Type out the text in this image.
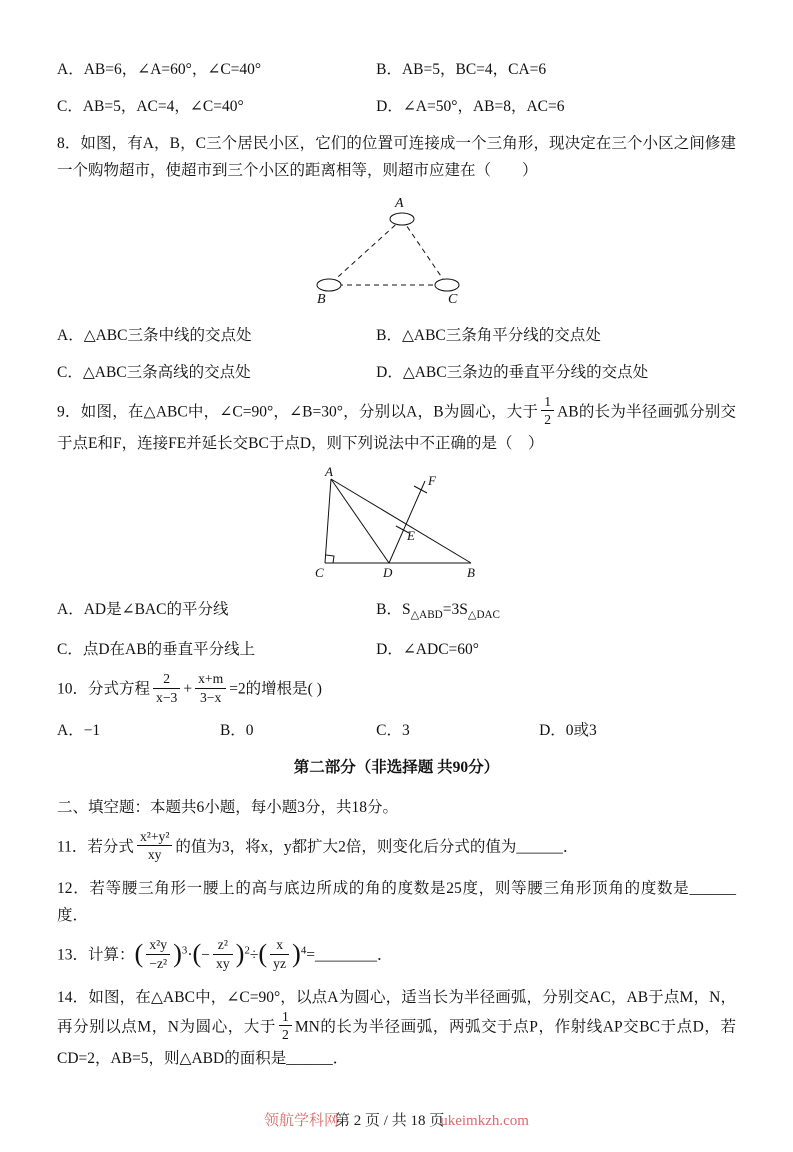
A．AB=6，∠A=60°，∠C=40°	B．AB=5，BC=4，CA=6
C．AB=5，AC=4，∠C=40°	D．∠A=50°，AB=8，AC=6

8．如图，有A，B，C三个居民小区，它们的位置可连接成一个三角形，现决定在三个小区之间修建一个购物超市，使超市到三个小区的距离相等，则超市应建在（　　）

A
B	C
A．△ABC三条中线的交点处	B．△ABC三条角平分线的交点处
C．△ABC三条高线的交点处	D．△ABC三条边的垂直平分线的交点处

9．如图，在△ABC中，∠C=90°，∠B=30°，分别以A，B为圆心，大于 $\frac{1}{2}$ AB的长为半径画弧分别交于点E和F，连接FE并延长交BC于点D，则下列说法中不正确的是（　）

A
C	D	B
E
F
A．AD是∠BAC的平分线	B．$S_{\triangle ABD}=3S_{\triangle DAC}$
C．点D在AB的垂直平分线上	D．∠ADC=60°

10．分式方程 $\frac{2}{x-3} + \frac{x+m}{3-x} =2$的增根是( )

A．−1	B．0	C．3	D．0或3

第二部分（非选择题 共90分）

二、填空题：本题共6小题，每小题3分，共18分。

11．若分式 $\frac{\text{x²+y²}}{xy}$ 的值为3，将x，y都扩大2倍，则变化后分式的值为______．

12．若等腰三角形一腰上的高与底边所成的角的度数是25度，则等腰三角形顶角的度数是______度．

13．计算：( $\frac{\text{x²y}}{\text{−z²}} )^3\cdot(- \frac{\text{z²}}{xy} )^2\div( \frac{x}{yz}$ )$^4=\_\_\_\_\_\_\_\_$．

14．如图，在△ABC中，∠C=90°，以点A为圆心，适当长为半径画弧，分别交AC，AB于点M，N，再分别以点M，N为圆心，大于 $\frac{1}{2}$ MN的长为半径画弧，两弧交于点P，作射线AP交BC于点D，若CD=2，AB=5，则△ABD的面积是______．

领航学科网第 2 页 / 共 18 页ukeimkzh.com
